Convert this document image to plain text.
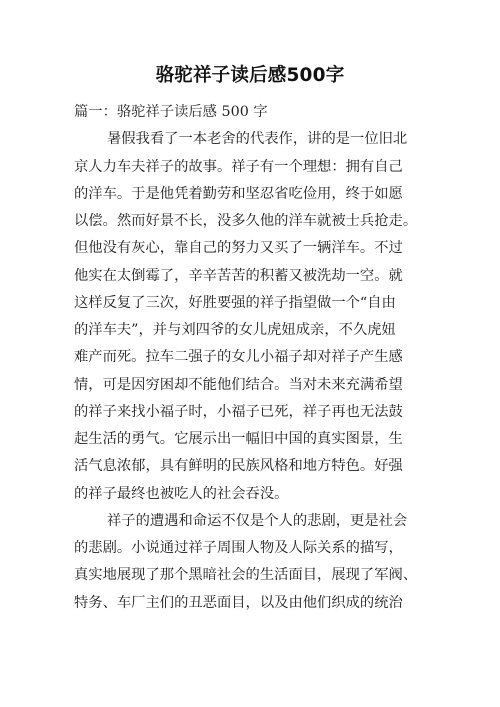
骆驼祥子读后感500字
篇一：骆驼祥子读后感 500 字
暑假我看了一本老舍的代表作，讲的是一位旧北
京人力车夫祥子的故事。祥子有一个理想：拥有自己
的洋车。于是他凭着勤劳和坚忍省吃俭用，终于如愿
以偿。然而好景不长，没多久他的洋车就被士兵抢走。
但他没有灰心，靠自己的努力又买了一辆洋车。不过
他实在太倒霉了，辛辛苦苦的积蓄又被洗劫一空。就
这样反复了三次，好胜要强的祥子指望做一个“自由
的洋车夫”，并与刘四爷的女儿虎妞成亲，不久虎妞
难产而死。拉车二强子的女儿小福子却对祥子产生感
情，可是因穷困却不能他们结合。当对未来充满希望
的祥子来找小福子时，小福子已死，祥子再也无法鼓
起生活的勇气。它展示出一幅旧中国的真实图景，生
活气息浓郁，具有鲜明的民族风格和地方特色。好强
的祥子最终也被吃人的社会吞没。
祥子的遭遇和命运不仅是个人的悲剧，更是社会
的悲剧。小说通过祥子周围人物及人际关系的描写，
真实地展现了那个黑暗社会的生活面目，展现了军阀、
特务、车厂主们的丑恶面目，以及由他们织成的统治
